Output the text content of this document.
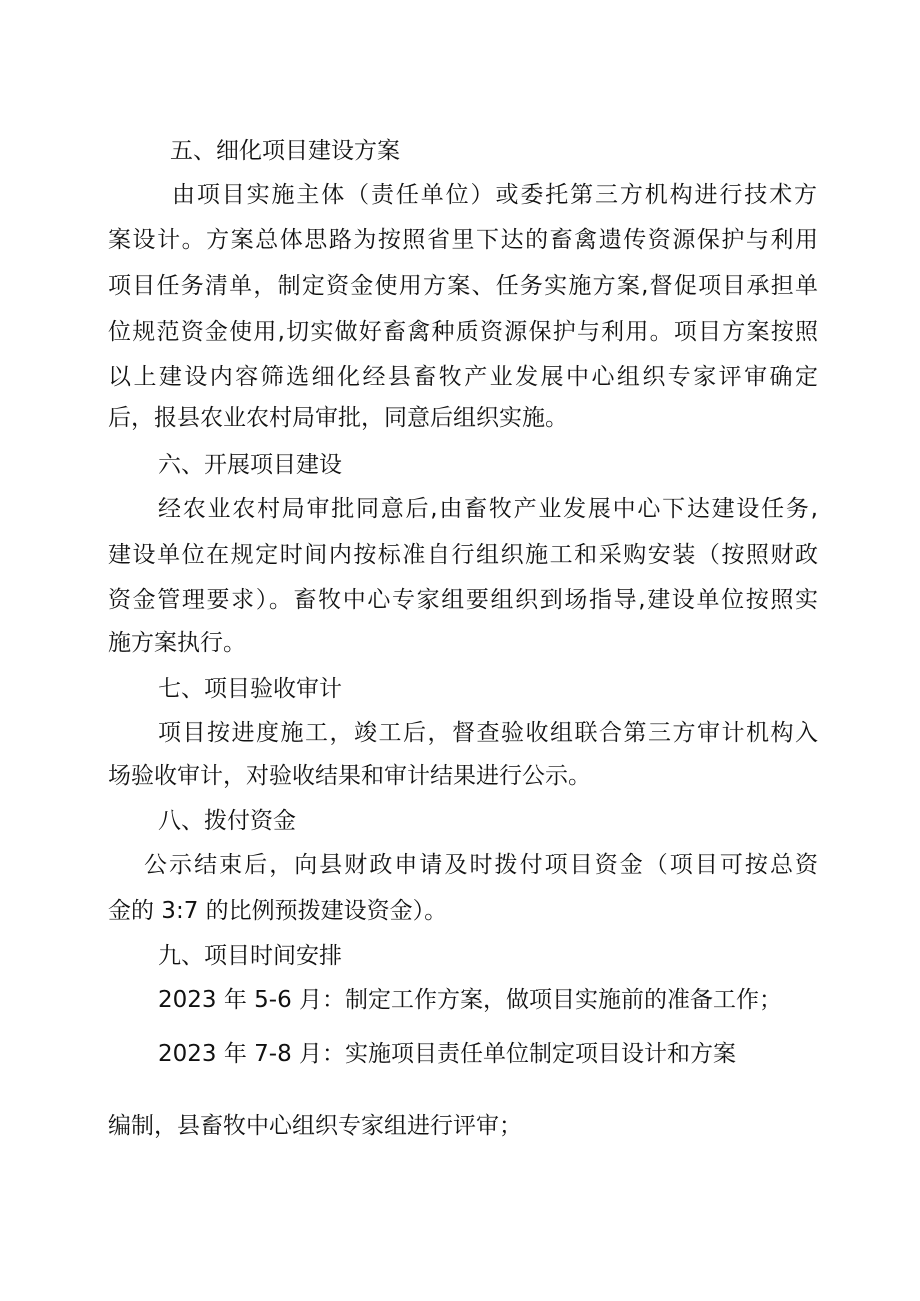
五、细化项目建设方案

由项目实施主体（责任单位）或委托第三方机构进行技术方

案设计。方案总体思路为按照省里下达的畜禽遗传资源保护与利用

项目任务清单，制定资金使用方案、任务实施方案,督促项目承担单

位规范资金使用,切实做好畜禽种质资源保护与利用。项目方案按照

以上建设内容筛选细化经县畜牧产业发展中心组织专家评审确定

后，报县农业农村局审批，同意后组织实施。

六、开展项目建设

经农业农村局审批同意后,由畜牧产业发展中心下达建设任务,

建设单位在规定时间内按标准自行组织施工和采购安装（按照财政

资金管理要求）。畜牧中心专家组要组织到场指导,建设单位按照实

施方案执行。

七、项目验收审计

项目按进度施工，竣工后，督查验收组联合第三方审计机构入

场验收审计，对验收结果和审计结果进行公示。

八、拨付资金

公示结束后，向县财政申请及时拨付项目资金（项目可按总资

金的 3:7 的比例预拨建设资金）。

九、项目时间安排

2023 年 5-6 月：制定工作方案，做项目实施前的准备工作；

2023 年 7-8 月：实施项目责任单位制定项目设计和方案

编制，县畜牧中心组织专家组进行评审；
